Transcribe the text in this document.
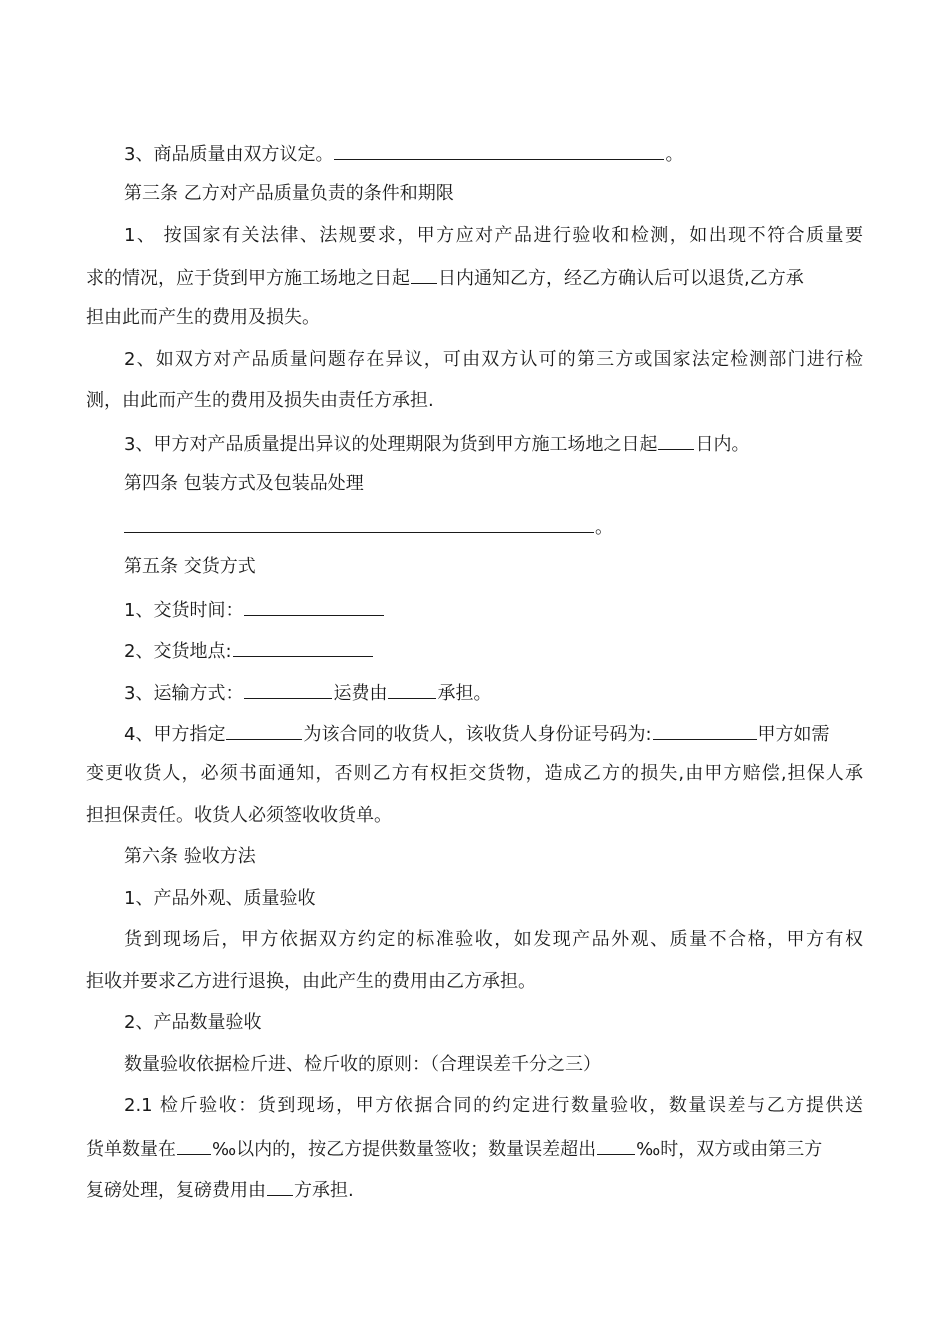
3、商品质量由双方议定。	。
第三条 乙方对产品质量负责的条件和期限
1、 按国家有关法律、法规要求，甲方应对产品进行验收和检测，如出现不符合质量要
求的情况，应于货到甲方施工场地之日起 日内通知乙方，经乙方确认后可以退货,乙方承
担由此而产生的费用及损失。
2、如双方对产品质量问题存在异议，可由双方认可的第三方或国家法定检测部门进行检
测，由此而产生的费用及损失由责任方承担.
3、甲方对产品质量提出异议的处理期限为货到甲方施工场地之日起 日内。
第四条 包装方式及包装品处理
。
第五条 交货方式
1、交货时间：
2、交货地点:
3、运输方式：	运费由	承担。
4、甲方指定	为该合同的收货人，该收货人身份证号码为:	甲方如需
变更收货人，必须书面通知，否则乙方有权拒交货物，造成乙方的损失,由甲方赔偿,担保人承
担担保责任。收货人必须签收收货单。
第六条 验收方法
1、产品外观、质量验收
货到现场后，甲方依据双方约定的标准验收，如发现产品外观、质量不合格，甲方有权
拒收并要求乙方进行退换，由此产生的费用由乙方承担。
2、产品数量验收
数量验收依据检斤进、检斤收的原则：（合理误差千分之三）
2.1 检斤验收：货到现场，甲方依据合同的约定进行数量验收，数量误差与乙方提供送
货单数量在 ‰以内的，按乙方提供数量签收；数量误差超出 ‰时，双方或由第三方
复磅处理，复磅费用由 方承担.
